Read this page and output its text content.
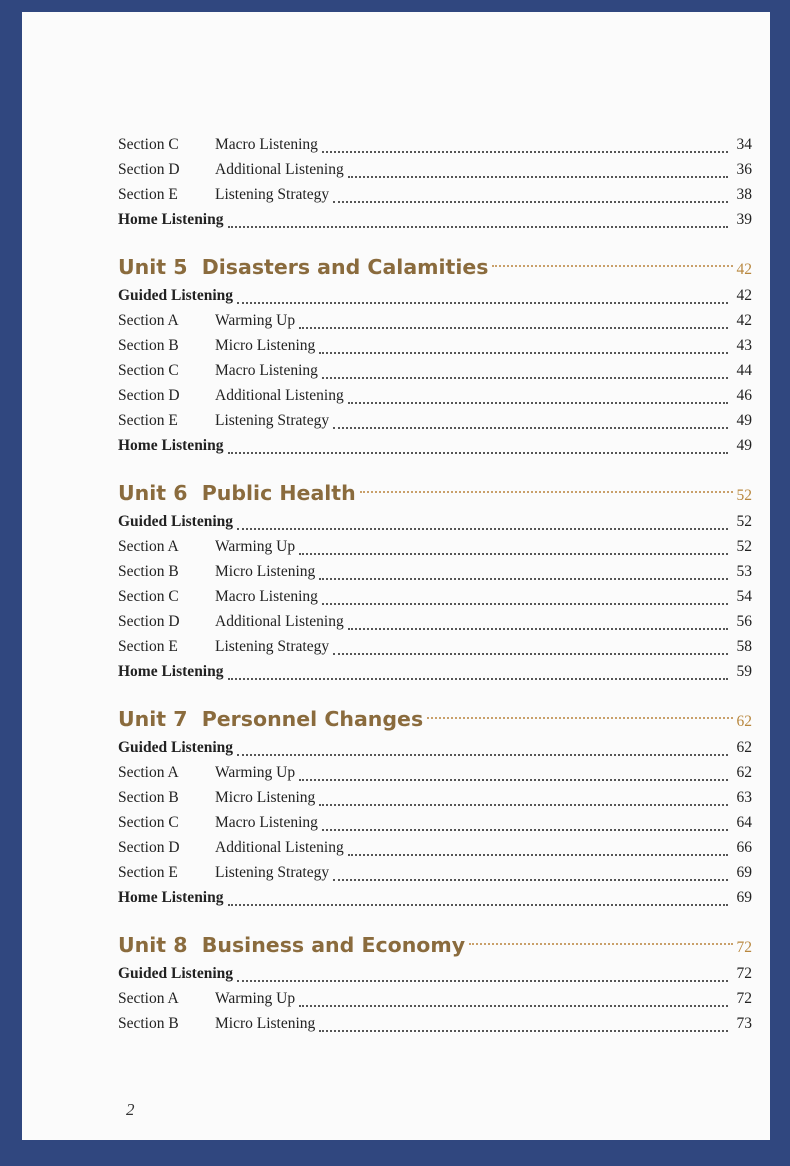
Section C	Macro Listening	34
Section D	Additional Listening	36
Section E	Listening Strategy	38
Home Listening	39
Unit 5  Disasters and Calamities	42
Guided Listening	42
Section A	Warming Up	42
Section B	Micro Listening	43
Section C	Macro Listening	44
Section D	Additional Listening	46
Section E	Listening Strategy	49
Home Listening	49
Unit 6  Public Health	52
Guided Listening	52
Section A	Warming Up	52
Section B	Micro Listening	53
Section C	Macro Listening	54
Section D	Additional Listening	56
Section E	Listening Strategy	58
Home Listening	59
Unit 7  Personnel Changes	62
Guided Listening	62
Section A	Warming Up	62
Section B	Micro Listening	63
Section C	Macro Listening	64
Section D	Additional Listening	66
Section E	Listening Strategy	69
Home Listening	69
Unit 8  Business and Economy	72
Guided Listening	72
Section A	Warming Up	72
Section B	Micro Listening	73
2
